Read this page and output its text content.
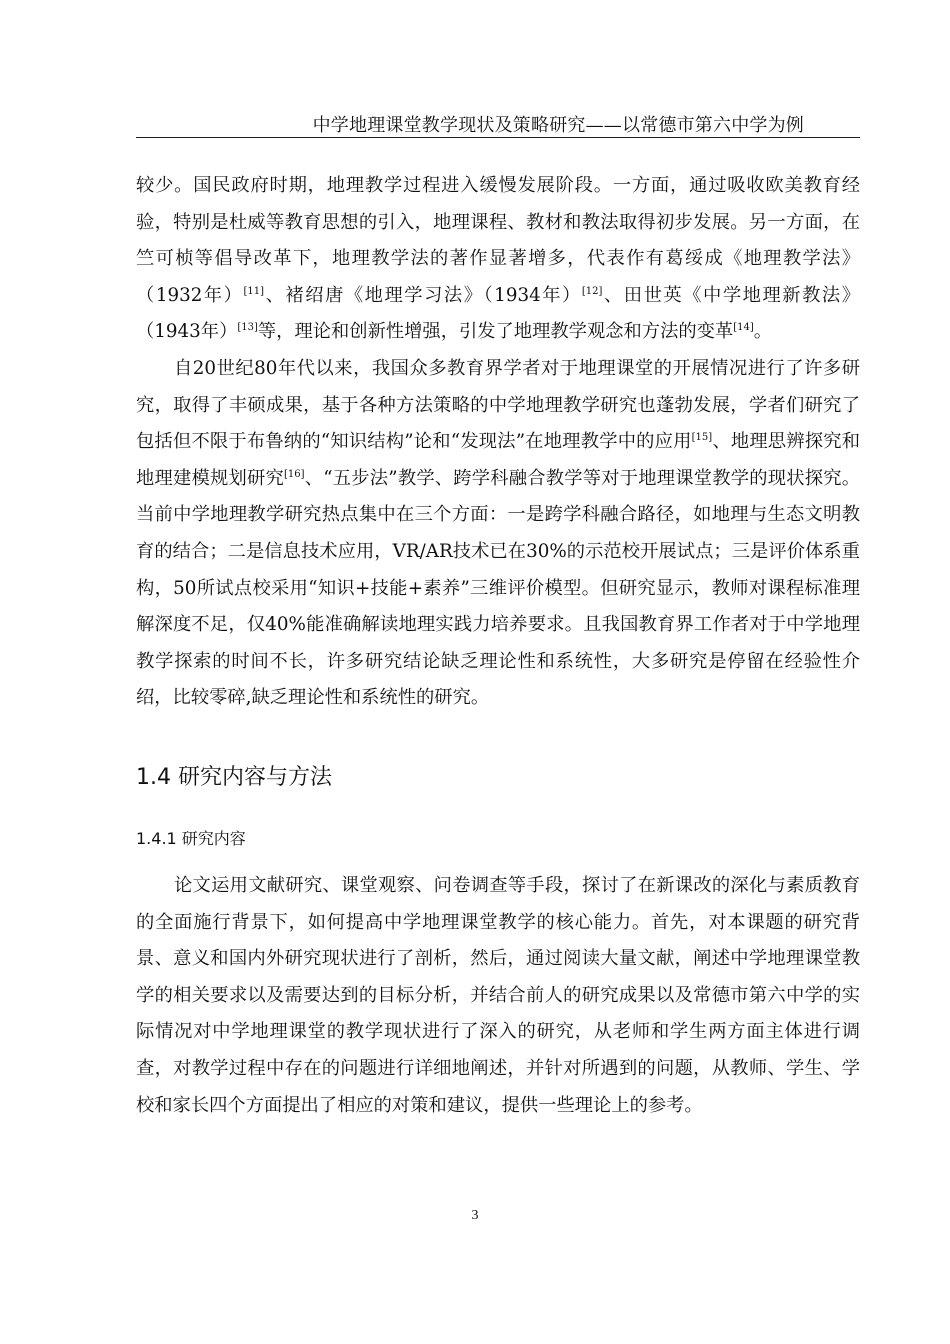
中学地理课堂教学现状及策略研究——以常德市第六中学为例

较少。国民政府时期，地理教学过程进入缓慢发展阶段。一方面，通过吸收欧美教育经验，特别是杜威等教育思想的引入，地理课程、教材和教法取得初步发展。另一方面，在竺可桢等倡导改革下，地理教学法的著作显著增多，代表作有葛绥成《地理教学法》（1932年）[11]、褚绍唐《地理学习法》（1934年）[12]、田世英《中学地理新教法》（1943年）[13]等，理论和创新性增强，引发了地理教学观念和方法的变革[14]。

自20世纪80年代以来，我国众多教育界学者对于地理课堂的开展情况进行了许多研究，取得了丰硕成果，基于各种方法策略的中学地理教学研究也蓬勃发展，学者们研究了包括但不限于布鲁纳的“知识结构”论和“发现法”在地理教学中的应用[15]、地理思辨探究和地理建模规划研究[16]、“五步法”教学、跨学科融合教学等对于地理课堂教学的现状探究。当前中学地理教学研究热点集中在三个方面：一是跨学科融合路径，如地理与生态文明教育的结合；二是信息技术应用，VR/AR技术已在30%的示范校开展试点；三是评价体系重构，50所试点校采用“知识+技能+素养”三维评价模型。但研究显示，教师对课程标准理解深度不足，仅40%能准确解读地理实践力培养要求。且我国教育界工作者对于中学地理教学探索的时间不长，许多研究结论缺乏理论性和系统性，大多研究是停留在经验性介绍，比较零碎,缺乏理论性和系统性的研究。

1.4 研究内容与方法
1.4.1 研究内容

论文运用文献研究、课堂观察、问卷调查等手段，探讨了在新课改的深化与素质教育的全面施行背景下，如何提高中学地理课堂教学的核心能力。首先，对本课题的研究背景、意义和国内外研究现状进行了剖析，然后，通过阅读大量文献，阐述中学地理课堂教学的相关要求以及需要达到的目标分析，并结合前人的研究成果以及常德市第六中学的实际情况对中学地理课堂的教学现状进行了深入的研究，从老师和学生两方面主体进行调查，对教学过程中存在的问题进行详细地阐述，并针对所遇到的问题，从教师、学生、学校和家长四个方面提出了相应的对策和建议，提供一些理论上的参考。

3
